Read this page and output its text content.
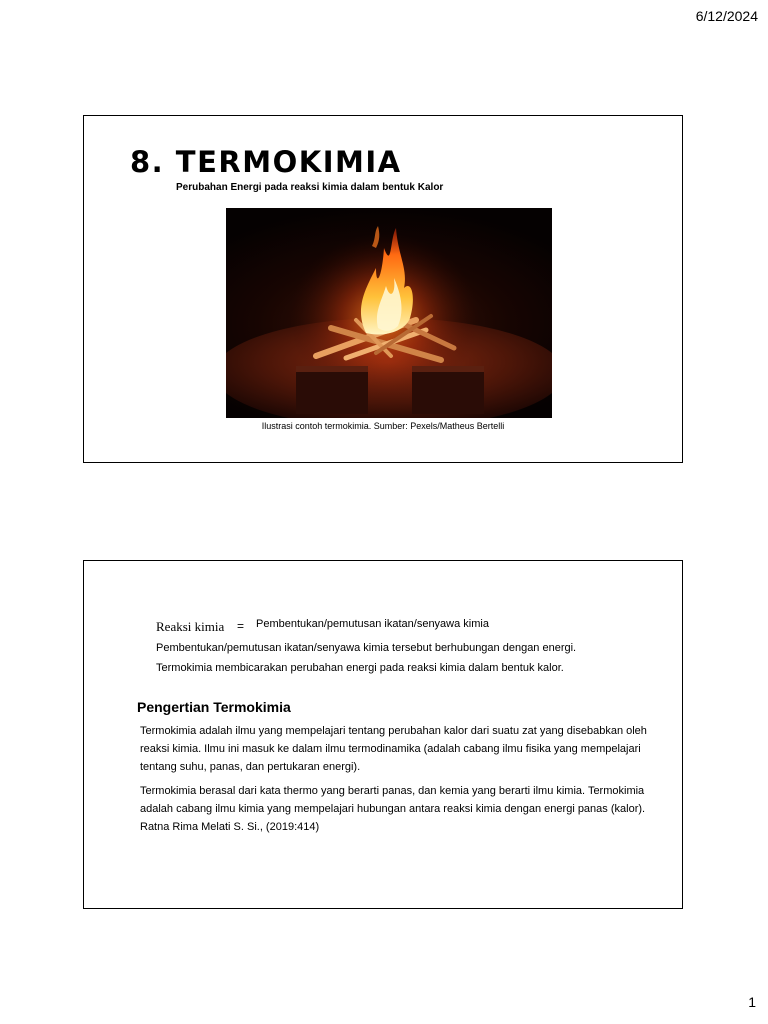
6/12/2024
8. TERMOKIMIA
Perubahan Energi pada reaksi kimia dalam bentuk Kalor
Ilustrasi contoh termokimia. Sumber: Pexels/Matheus Bertelli
Reaksi kimia = Pembentukan/pemutusan ikatan/senyawa kimia
Pembentukan/pemutusan ikatan/senyawa kimia tersebut berhubungan dengan energi.
Termokimia membicarakan perubahan energi pada reaksi kimia dalam bentuk kalor.
Pengertian Termokimia

Termokimia adalah ilmu yang mempelajari tentang perubahan kalor dari suatu zat yang disebabkan oleh reaksi kimia. Ilmu ini masuk ke dalam ilmu termodinamika (adalah cabang ilmu fisika yang mempelajari tentang suhu, panas, dan pertukaran energi).

Termokimia berasal dari kata thermo yang berarti panas, dan kemia yang berarti ilmu kimia. Termokimia adalah cabang ilmu kimia yang mempelajari hubungan antara reaksi kimia dengan energi panas (kalor). Ratna Rima Melati S. Si., (2019:414)

1
